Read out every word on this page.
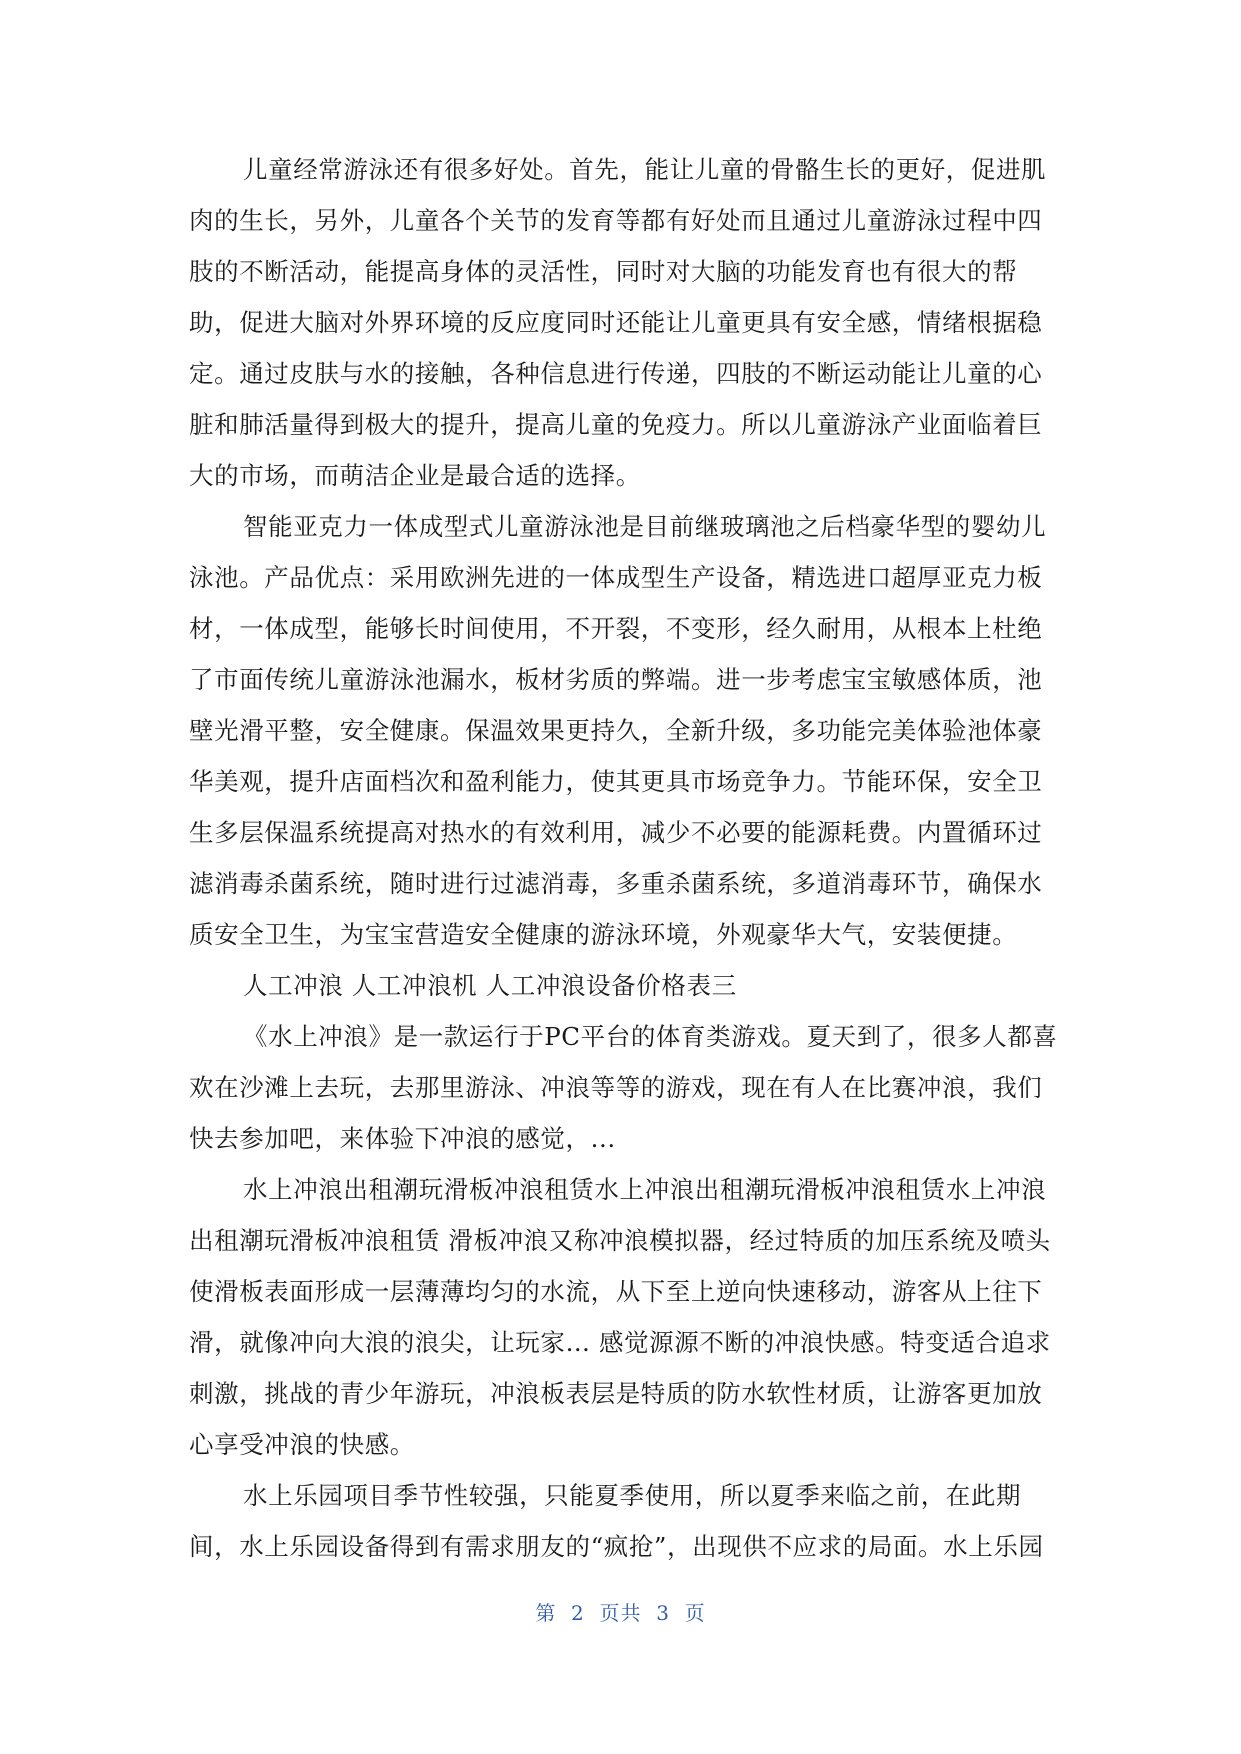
儿童经常游泳还有很多好处。首先，能让儿童的骨骼生长的更好，促进肌
肉的生长，另外，儿童各个关节的发育等都有好处而且通过儿童游泳过程中四
肢的不断活动，能提高身体的灵活性，同时对大脑的功能发育也有很大的帮
助，促进大脑对外界环境的反应度同时还能让儿童更具有安全感，情绪根据稳
定。通过皮肤与水的接触，各种信息进行传递，四肢的不断运动能让儿童的心
脏和肺活量得到极大的提升，提高儿童的免疫力。所以儿童游泳产业面临着巨
大的市场，而萌洁企业是最合适的选择。
智能亚克力一体成型式儿童游泳池是目前继玻璃池之后档豪华型的婴幼儿
泳池。产品优点：采用欧洲先进的一体成型生产设备，精选进口超厚亚克力板
材，一体成型，能够长时间使用，不开裂，不变形，经久耐用，从根本上杜绝
了市面传统儿童游泳池漏水，板材劣质的弊端。进一步考虑宝宝敏感体质，池
壁光滑平整，安全健康。保温效果更持久，全新升级，多功能完美体验池体豪
华美观，提升店面档次和盈利能力，使其更具市场竞争力。节能环保，安全卫
生多层保温系统提高对热水的有效利用，减少不必要的能源耗费。内置循环过
滤消毒杀菌系统，随时进行过滤消毒，多重杀菌系统，多道消毒环节，确保水
质安全卫生，为宝宝营造安全健康的游泳环境，外观豪华大气，安装便捷。
人工冲浪 人工冲浪机 人工冲浪设备价格表三
《水上冲浪》是一款运行于PC平台的体育类游戏。夏天到了，很多人都喜
欢在沙滩上去玩，去那里游泳、冲浪等等的游戏，现在有人在比赛冲浪，我们
快去参加吧，来体验下冲浪的感觉，...
水上冲浪出租潮玩滑板冲浪租赁水上冲浪出租潮玩滑板冲浪租赁水上冲浪
出租潮玩滑板冲浪租赁 滑板冲浪又称冲浪模拟器，经过特质的加压系统及喷头
使滑板表面形成一层薄薄均匀的水流，从下至上逆向快速移动，游客从上往下
滑，就像冲向大浪的浪尖，让玩家… 感觉源源不断的冲浪快感。特变适合追求
刺激，挑战的青少年游玩，冲浪板表层是特质的防水软性材质，让游客更加放
心享受冲浪的快感。
水上乐园项目季节性较强，只能夏季使用，所以夏季来临之前，在此期
间，水上乐园设备得到有需求朋友的“疯抢”，出现供不应求的局面。水上乐园
第  2  页共  3  页
